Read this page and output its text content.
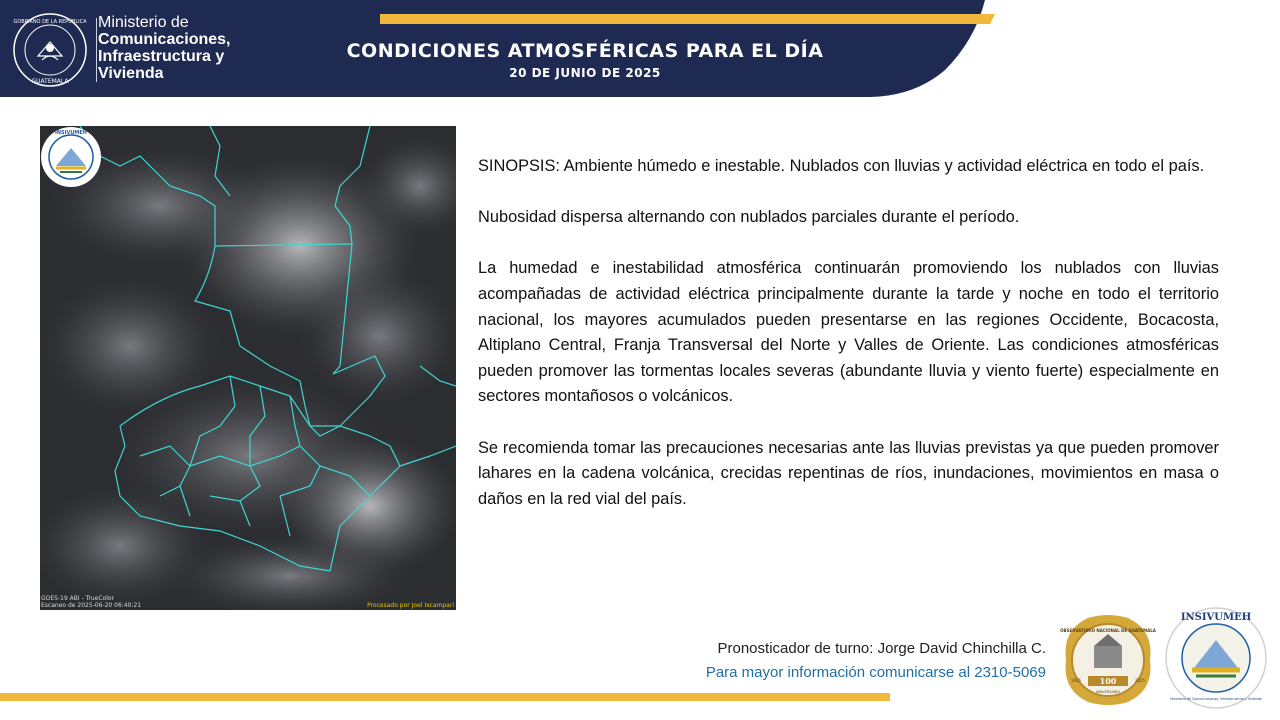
GOBIERNO DE LA REPÚBLICA
GUATEMALA
Ministerio de
Comunicaciones,
Infraestructura y
Vivienda
CONDICIONES ATMOSFÉRICAS PARA EL DÍA
20 DE JUNIO DE 2025
INSIVUMEH
GOES-19 ABI - TrueColor
Escaneo de 2025-06-20 06:40:21	Procesado por Joel Ixcampari

SINOPSIS: Ambiente húmedo e inestable. Nublados con lluvias y actividad eléctrica en todo el país.

Nubosidad dispersa alternando con nublados parciales durante el período.

La humedad e inestabilidad atmosférica continuarán promoviendo los nublados con lluvias acompañadas de actividad eléctrica principalmente durante la tarde y noche en todo el territorio nacional, los mayores acumulados pueden presentarse en las regiones Occidente, Bocacosta, Altiplano Central, Franja Transversal del Norte y Valles de Oriente. Las condiciones atmosféricas pueden promover las tormentas locales severas (abundante lluvia y viento fuerte) especialmente en sectores montañosos o volcánicos.

Se recomienda tomar las precauciones necesarias ante las lluvias previstas ya que pueden promover lahares en la cadena volcánica, crecidas repentinas de ríos, inundaciones, movimientos en masa o daños en la red vial del país.

Pronosticador de turno: Jorge David Chinchilla C.
Para mayor información comunicarse al 2310-5069
OBSERVATORIO NACIONAL DE GUATEMALA
100
ANIVERSARIO
1925	2025
INSIVUMEH
Ministerio de Comunicaciones, Infraestructura y Vivienda
